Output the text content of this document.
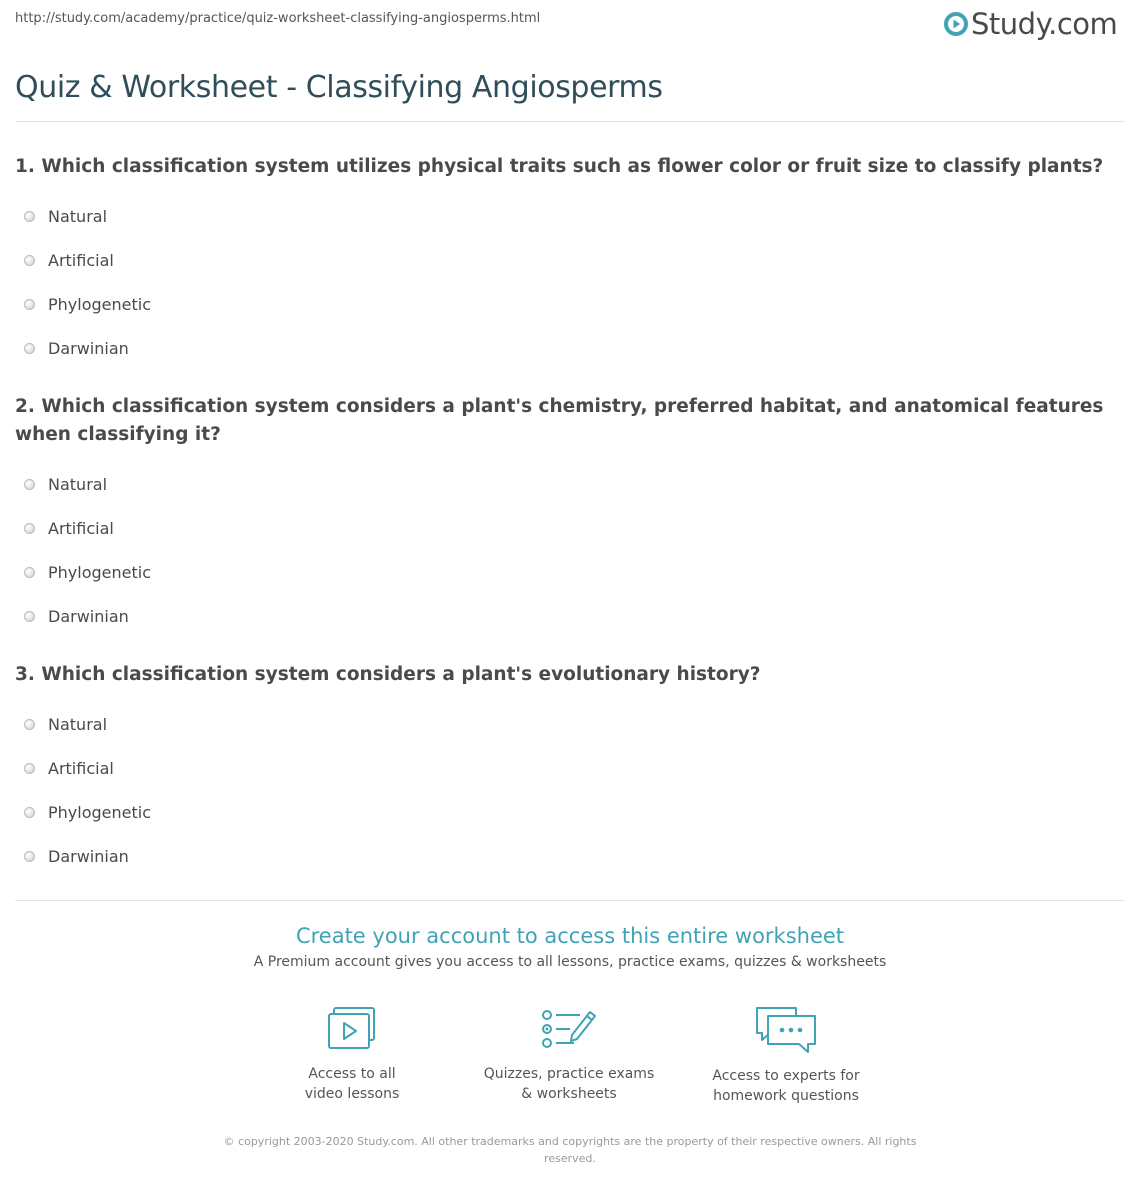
http://study.com/academy/practice/quiz-worksheet-classifying-angiosperms.html	Study.com
Quiz & Worksheet - Classifying Angiosperms

1. Which classification system utilizes physical traits such as flower color or fruit size to classify plants?

Natural
Artificial
Phylogenetic
Darwinian

2. Which classification system considers a plant's chemistry, preferred habitat, and anatomical features when classifying it?

Natural
Artificial
Phylogenetic
Darwinian

3. Which classification system considers a plant's evolutionary history?

Natural
Artificial
Phylogenetic
Darwinian
Create your account to access this entire worksheet
A Premium account gives you access to all lessons, practice exams, quizzes & worksheets
Access to all
video lessons
Quizzes, practice exams
& worksheets
Access to experts for
homework questions
© copyright 2003-2020 Study.com. All other trademarks and copyrights are the property of their respective owners. All rights reserved.
